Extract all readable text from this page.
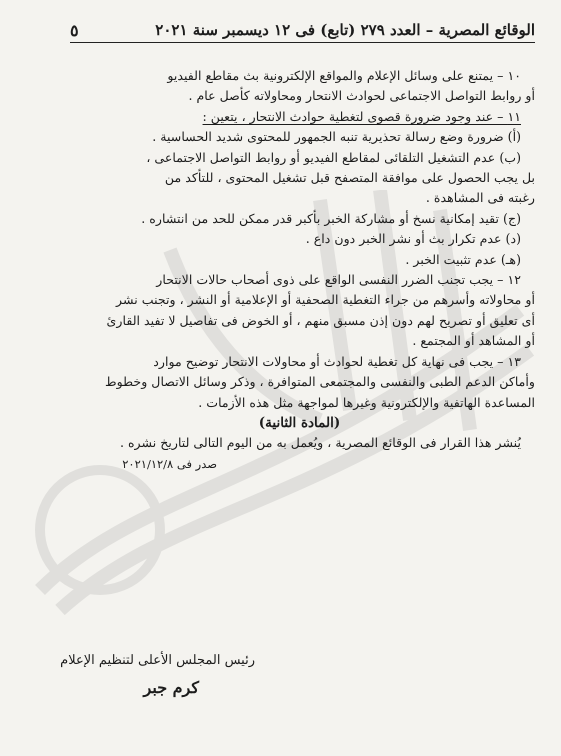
الوقائع المصرية – العدد ٢٧٩ (تابع) فى ١٢ ديسمبر سنة ٢٠٢١
٥

١٠ – يمتنع على وسائل الإعلام والمواقع الإلكترونية بث مقاطع الفيديو

أو روابط التواصل الاجتماعى لحوادث الانتحار ومحاولاته كأصل عام .

١١ – عند وجود ضرورة قصوى لتغطية حوادث الانتحار ، يتعين :

(أ) ضرورة وضع رسالة تحذيرية تنبه الجمهور للمحتوى شديد الحساسية .

(ب) عدم التشغيل التلقائى لمقاطع الفيديو أو روابط التواصل الاجتماعى ،

بل يجب الحصول على موافقة المتصفح قبل تشغيل المحتوى ، للتأكد من

رغبته فى المشاهدة .

(ج) تقيد إمكانية نسخ أو مشاركة الخبر بأكبر قدر ممكن للحد من انتشاره .

(د) عدم تكرار بث أو نشر الخبر دون داع .

(هـ) عدم تثبيت الخبر .

١٢ – يجب تجنب الضرر النفسى الواقع على ذوى أصحاب حالات الانتحار

أو محاولاته وأسرهم من جراء التغطية الصحفية أو الإعلامية أو النشر ، وتجنب نشر

أى تعليق أو تصريح لهم دون إذن مسبق منهم ، أو الخوض فى تفاصيل لا تفيد القارئ

أو المشاهد أو المجتمع .

١٣ – يجب فى نهاية كل تغطية لحوادث أو محاولات الانتحار توضيح موارد

وأماكن الدعم الطبى والنفسى والمجتمعى المتوافرة ، وذكر وسائل الاتصال وخطوط

المساعدة الهاتفية والإلكترونية وغيرها لمواجهة مثل هذه الأزمات .

(المادة الثانية)

يُنشر هذا القرار فى الوقائع المصرية ، ويُعمل به من اليوم التالى لتاريخ نشره .

صدر فى ٢٠٢١/١٢/٨

رئيس المجلس الأعلى لتنظيم الإعلام
كرم جبر
